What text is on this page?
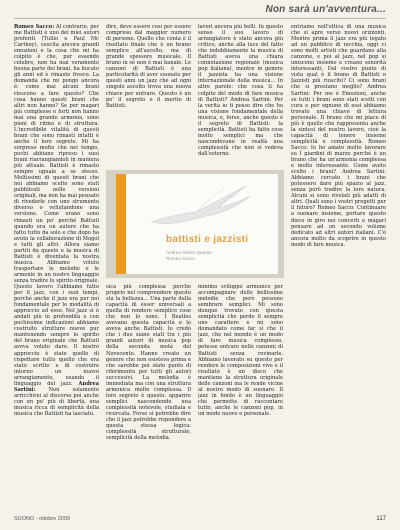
Non sarà un'avventura...

Romeo Sacco: Al contrario, per me Battisti è uno dei miei autori preferiti (Tullio e Paul Mc Cartney), suscita ancora grandi emozioni e la cosa che mi ha colpito è che, pur essendo celebre, non ha mai veramente buona parte dei brani, ha bucato gli anni ed è rimasto fresco. La domanda che mi pongo ancora è: come mai alcuni brani riescono a fare questo? Che cosa hanno questi brani che altri non hanno? Se per magari più complesse e forti non hanno mai una grande armonia, sono pieni di ritmo e di struttura. L'incredibile vitalità di questi brani che sono rimasti intatti è anche il loro segreto. Mi ha sorpreso molto che nel tempo, pochi abbiano ripreso i suoi brani riarrangiandoli in maniera più attuale. Battisti è rimasto sempre uguale a se stesso. Moltissimi di questi brani che noi abbiamo scelto sono stati pubblicati nelle versioni originali, ma non ha mai pensato di rivederle con uno strumento diverso o vellutandone una versione. Come erano sono rimasti un po' perché Battisti quando era un autore che ha fatto tutto da solo e che dopo ha avuto la collaborazione di Mogol e tutti gli altri. Allora siamo partiti da questo e la musica di Battisti è diventata la nostra musica. Abbiamo voluto trasportare le melodie e le armonie in un nostro linguaggio senza tradire lo spirito originale. Questo lavoro l'abbiamo fatto per il jazz, con i suoi tempi, perché anche il jazz era per noi fondamentale per le modalità di approccio ad esso. Nel jazz si è andati più in profondità e con pochissime indicazioni abbiamo costruito strutture nuove pur mantenendo sempre lo spirito del brano originale che Battisti aveva voluto dare. Il nostro approccio è stato quello di rispettare tutto quello che era stato scritto e di costruire intorno un nuovo arrangiamento, usando il linguaggio del jazz. Andrea Sartini:	Non solamente arricchirei al discorso poi anche con un po' più di libertà, una musica ricca di semplicità della musica che Battisti ha lasciato.

dire, deve essere così per essere compreso dal maggior numero di persone. Quello che conta è il risultato finale che è un brano semplice all'ascolto, ma di grande spessore musicale. Il brano in sé non è mai banale. Le canzoni di Battisti è una particolarità di aver suonato per questi anni un jazz che ad ogni singolo ascolto trova una nuova chiave per entrare. Questo è un po' il segreto e il merito di Battisti.

lavori ancora più belli. In questo senso il suo lavoro di arrangiatore è stato ancora più critico, anche alla luce del fatto che indubbiamente la musica di Battisti aveva una chiara connotazione regionale (musica pop italiana), mentre in genere il jazzista ha una visione internazionale della musica... In altre parole: che cosa ti ha colpito del modo di fare musica di Battisti? Andrea Sartini: Per la verità io ti posso dire che ho una visione fondamentale della musica, e, forse, anche questo è il segreto di Battisti: la semplicità. Battisti ha fatto cose molto semplici ma che nascondevano in realtà una complessità che non si vedeva dall'esterno.

battisti e jazzisti
Andrea Sartini Quartet
Romeo Sacco

sica più complessa perché proprio nel comprendere questo sta la bellezza... Una parte della capacità di esser universali a quella di rendere semplice cose che non lo sono. I Beatles avevano questa capacità e lo aveva anche Battisti. Io credo che i due siano stati tra i più grandi autori di musica pop della seconda metà del Novecento. Hanno creato un genere che non esisteva prima e che sarebbe poi stato punto di riferimento per tutti gli autori successivi. La melodia è immediata ma con una struttura armonica molto complessa. Il loro segreto è questo: apparire semplici nascondendo una complessità notevole, studiata e ricercata. Forse si potrebbe dire che il jazz potrebbe rispondere a questa stessa logica: complessità strutturale, semplicità della melodia.

minimo sviluppo armonico per accompagnare delle bellissime melodie che però possono sembrare semplici. Mi sono dunque trovato con questa semplicità che perde il sempre uno carattere e mi sono domandato come far sì che il jazz, che nel mondo è un modo di fare musica complesso, potesse entrare nelle canzoni di Battisti senza rovinarle. Abbiamo lavorato su questo per rendere le composizioni vive e il risultato è un disco che mantiene la struttura originale delle canzoni ma le rende vicine al nostro modo di suonare. Il jazz in fondo è un linguaggio che permette di raccontare tutto, anche le canzoni pop, in un modo nuovo e personale.

entriamo nell'ottica di una musica che si apre verso nuovi orizzonti. Mentre prima il jazz era più legato ad un pubblico di nicchia, oggi ci sono molti artisti che guardano alla canzone, e poi al jazz, nel pop si uniscono insieme e creano sonorità interessanti. Dal vostro punto di vista qual è il brano di Battisti e Jazzisti più riuscito? Ci sono brani che si prestano meglio? Andrea Sartini: Per me è Emozioni, anche se tutti i brani sono stati scelti con cura e per ognuno di essi abbiamo trovato una chiave di lettura personale. Il brano che mi piace di più è quello che rappresenta anche la sintesi del nostro lavoro, cioè la capacità di tenere insieme semplicità e complessità. Romeo Sacco: Io ho amato molto lavorare su I giardini di marzo perché è un brano che ha un'armonia complessa e molto interessante. Come avete scelto i brani? Andrea Sartini: Abbiamo cercato i brani che potessero dare più spazio al jazz, senza però tradire la loro natura. Alcuni si sono rivelati più adatti di altri. Quali sono i vostri progetti per il futuro? Romeo Sacco: Continuare a suonare insieme, portare questo disco in giro nei concerti e magari pensare ad un secondo volume dedicato ad altri autori italiani. C'è ancora molto da scoprire in questo modo di fare musica.

SUONO - ottobre 2009	117
